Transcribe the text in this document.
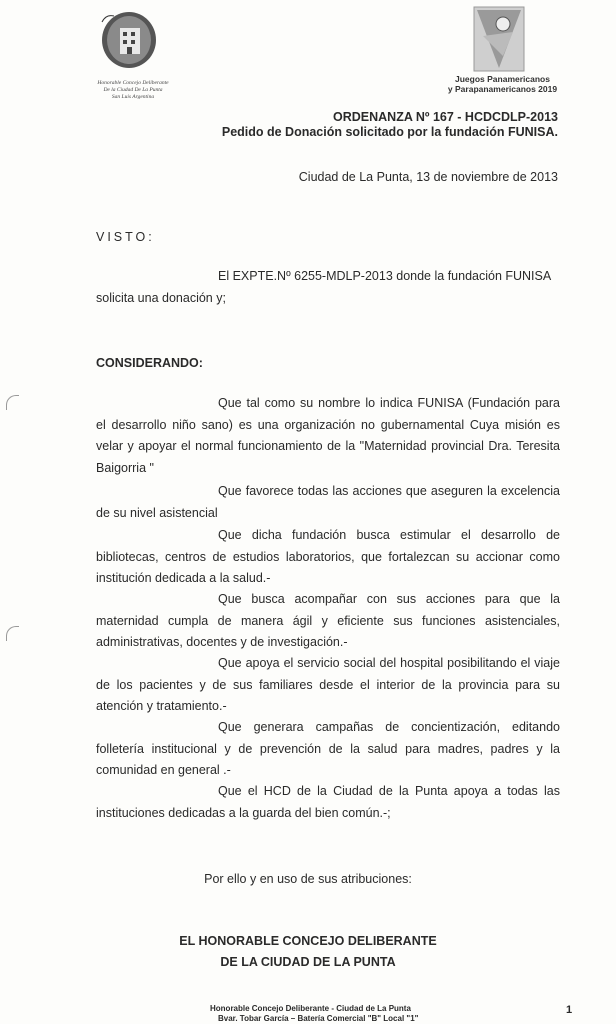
Honorable Concejo Deliberante
De la Ciudad De La Punta
San Luis Argentina
Juegos Panamericanos
y Parapanamericanos 2019
ORDENANZA Nº 167 - HCDCDLP-2013
Pedido de Donación solicitado por la fundación FUNISA.
Ciudad de La Punta, 13 de noviembre de 2013
VISTO:
El EXPTE.Nº 6255-MDLP-2013 donde la fundación FUNISA
solicita una donación y;
CONSIDERANDO:
Que tal como su nombre lo indica FUNISA (Fundación para el desarrollo niño sano) es una organización no gubernamental Cuya misión es velar y apoyar el normal funcionamiento de la "Maternidad provincial Dra. Teresita Baigorria "
Que favorece todas las acciones que aseguren la excelencia de su nivel asistencial
Que dicha fundación busca estimular el desarrollo de bibliotecas, centros de estudios laboratorios, que fortalezcan su accionar como institución dedicada a la salud.-
Que busca acompañar con sus acciones para que la maternidad cumpla de manera ágil y eficiente sus funciones asistenciales, administrativas, docentes y de investigación.-
Que apoya el servicio social del hospital posibilitando el viaje de los pacientes y de sus familiares desde el interior de la provincia para su atención y tratamiento.-
Que generara campañas de concientización, editando folletería institucional y de prevención de la salud para madres, padres y la comunidad en general .-
Que el HCD de la Ciudad de la Punta apoya a todas las instituciones dedicadas a la guarda del bien común.-;
Por ello y en uso de sus atribuciones:
EL HONORABLE CONCEJO DELIBERANTE
DE LA CIUDAD DE LA PUNTA
Honorable Concejo Deliberante - Ciudad de La Punta
Bvar. Tobar García – Batería Comercial "B" Local "1"
1
